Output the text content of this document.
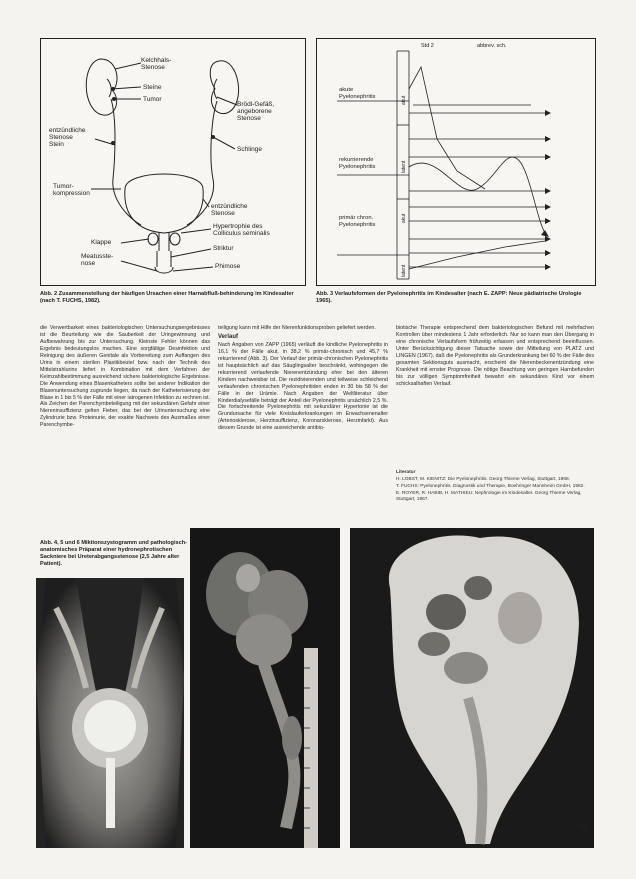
Kelchhals-
Stenose
Steine
Tumor
Brödl-Gefäß,
angeborene
Stenose
Schlinge
entzündliche
Stenose
Stein
Tumor-
kompression
entzündliche
Stenose
Hypertrophie des
Colliculus seminalis
Striktur
Klappe
Meatusste-
nose	Phimose
Abb. 2 Zusammenstellung der häufigen Ursachen einer Harnabfluß-behinderung im Kindesalter (nach T. FUCHS, 1982).
akut
latent
akut
latent
Std 2	abbrev. sch.
akute
Pyelonephritis
rekurrierende
Pyelonephritis
primär chron.
Pyelonephritis
Abb. 3 Verlaufsformen der Pyelonephritis im Kindesalter (nach E. ZAPP: Neue pädiatrische Urologie 1965).

die Verwertbarkeit eines bakteriologischen Untersuchungsergebnisses ist die Beurteilung wie die Sauberkeit der Uringewinnung und Aufbewahrung bis zur Untersuchung. Kleinste Fehler können das Ergebnis bedeutungslos machen. Eine sorgfältige Desinfektion und Reinigung des äußeren Genitale als Vorbereitung zum Auffangen des Urins in einem sterilen Plastikbeutel bzw. nach der Technik des Mittelstrahlurins liefert in Kombination mit dem Verfahren der Keimzahlbestimmung ausreichend sichere bakteriologische Ergebnisse. Die Anwendung eines Blasenkatheters sollte bei anderer Indikation der Blasenuntersuchung zugrunde liegen, da nach der Katheterisierung der Blase in 1 bis 5 % der Fälle mit einer iatrogenen Infektion zu rechnen ist. Als Zeichen der Parenchymbeteiligung mit der sekundären Gefahr einer Niereninsuffizienz gelten Fieber, das bei der Urinuntersuchung eine Zylindrurie bzw. Proteinurie, der exakte Nachweis des Ausmaßes einer Parenchymbe-

teiligung kann mit Hilfe der Nierenfunktionsproben geliefert werden.

Verlauf

Nach Angaben von ZAPP (1965) verläuft die kindliche Pyelonephritis in 16,1 % der Fälle akut, in 38,2 % primär-chronisch und 45,7 % rekurrierend (Abb. 3). Der Verlauf der primär-chronischen Pyelonephritis ist hauptsächlich auf das Säuglingsalter beschränkt, wohingegen die rekurrierend verlaufende Nierenentzündung eher bei den älteren Kindern nachweisbar ist. Die rezidivierenden und teilweise schleichend verlaufenden chronischen Pyelonephritiden enden in 30 bis 58 % der Fälle in der Urämie. Nach Angaben der Weltliteratur über Kinderdialysefälle beträgt der Anteil der Pyelonephritis ursächlich 2,5 %. Die fortschreitende Pyelonephritis mit sekundärer Hypertonie ist die Grundursache für viele Kreislauferkrankungen im Erwachsenenalter (Arteriosklerose, Herzinsuffizienz, Koronarsklerose, Herzinfarkt). Aus diesem Grunde ist eine ausreichende antibio-

biotische Therapie entsprechend dem bakteriologischen Befund mit mehrfachen Kontrollen über mindestens 1 Jahr erforderlich. Nur so kann man den Übergang in eine chronische Verlaufsform frühzeitig erfassen und entsprechend beeinflussen. Unter Berücksichtigung dieser Tatsache sowie der Mitteilung von PLATZ und LINGEN (1967), daß die Pyelonephritis als Grunderkrankung bei 60 % der Fälle des gesamten Sektionsguts ausmacht, erscheint die Nierenbeckenentzündung eine Krankheit mit ernster Prognose. Die nötige Beachtung von geringen Harnbefunden bis zur völligen Symptomfreiheit bewahrt ein sekundäres Kind vor einem schicksalhaften Verlauf.

Literatur
H. LOBST, M. KIENITZ: Die Pyelonephritis. Georg Thieme Verlag, Stuttgart, 1968.
T. FUCHS: Pyelonephritis. Diagnostik und Therapie, Boehringer Mannheim GmbH, 1982.
E. ROYER, R. HABIB, H. MATHIEU: Nephrologie im Kindesalter. Georg Thieme Verlag, Stuttgart, 1967.
Abb. 4, 5 und 6 Miktionszystogramm und pathologisch-anatomisches Präparat einer hydronephrotischen Sackniere bei Ureterabgangsstenose (2,5 Jahre alter Patient).
19
